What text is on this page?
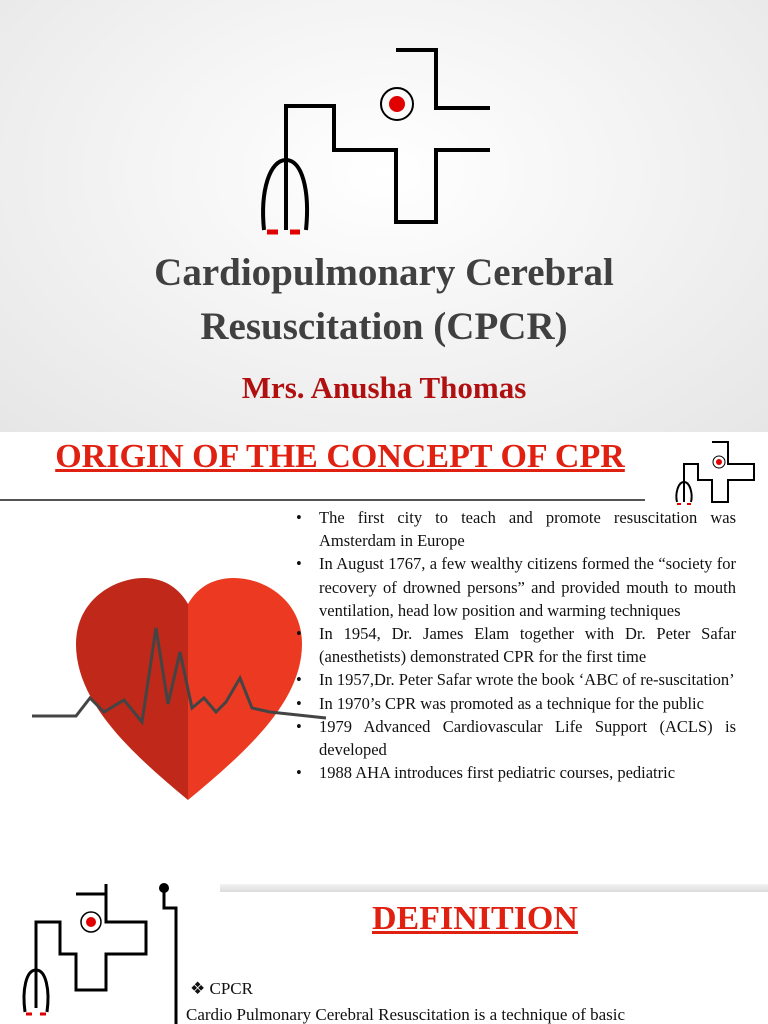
Cardiopulmonary Cerebral
Resuscitation (CPCR)
Mrs. Anusha Thomas
ORIGIN OF THE CONCEPT OF CPR
• The first city to teach and promote resuscitation was Amsterdam in Europe
• In August 1767, a few wealthy citizens formed the “society for recovery of drowned persons” and provided mouth to mouth ventilation, head low position and warming techniques
• In 1954, Dr. James Elam together with Dr. Peter Safar (anesthetists) demonstrated CPR for the first time
• In 1957,Dr. Peter Safar wrote the book ‘ABC of re-suscitation’
• In 1970’s CPR was promoted as a technique for the public
• 1979 Advanced Cardiovascular Life Support (ACLS) is developed
• 1988 AHA introduces first pediatric courses, pediatric
DEFINITION
❖ CPCR
Cardio Pulmonary Cerebral Resuscitation is a technique of basic
